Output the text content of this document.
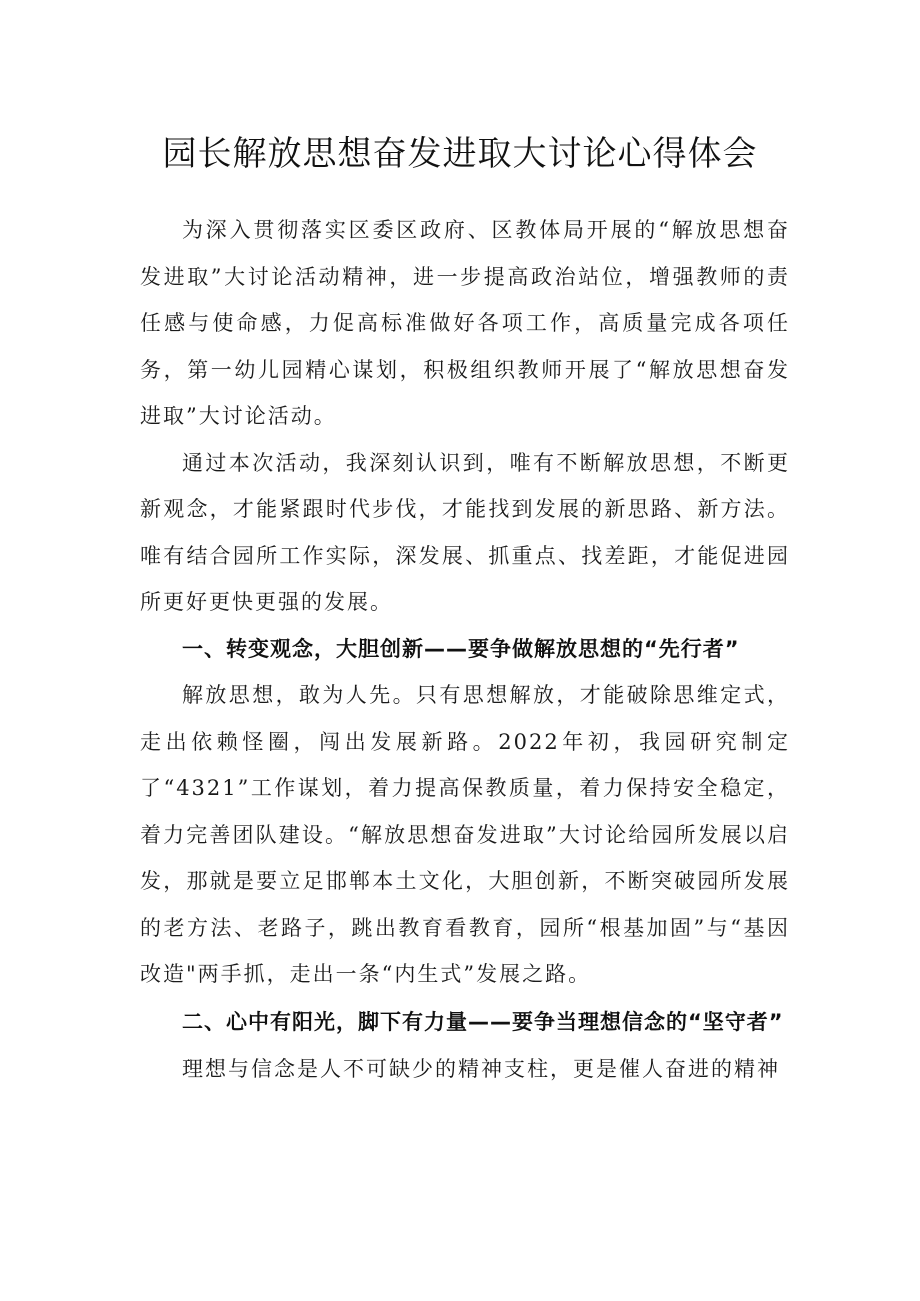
园长解放思想奋发进取大讨论心得体会

为深入贯彻落实区委区政府、区教体局开展的“解放思想奋发进取”大讨论活动精神，进一步提高政治站位，增强教师的责任感与使命感，力促高标准做好各项工作，高质量完成各项任务，第一幼儿园精心谋划，积极组织教师开展了“解放思想奋发进取”大讨论活动。

通过本次活动，我深刻认识到，唯有不断解放思想，不断更新观念，才能紧跟时代步伐，才能找到发展的新思路、新方法。唯有结合园所工作实际，深发展、抓重点、找差距，才能促进园所更好更快更强的发展。

一、转变观念，大胆创新——要争做解放思想的“先行者”

解放思想，敢为人先。只有思想解放，才能破除思维定式，走出依赖怪圈，闯出发展新路。2022年初，我园研究制定了“4321”工作谋划，着力提高保教质量，着力保持安全稳定，着力完善团队建设。“解放思想奋发进取”大讨论给园所发展以启发，那就是要立足邯郸本土文化，大胆创新，不断突破园所发展的老方法、老路子，跳出教育看教育，园所“根基加固”与“基因改造"两手抓，走出一条“内生式”发展之路。

二、心中有阳光，脚下有力量——要争当理想信念的“坚守者”

理想与信念是人不可缺少的精神支柱，更是催人奋进的精神
